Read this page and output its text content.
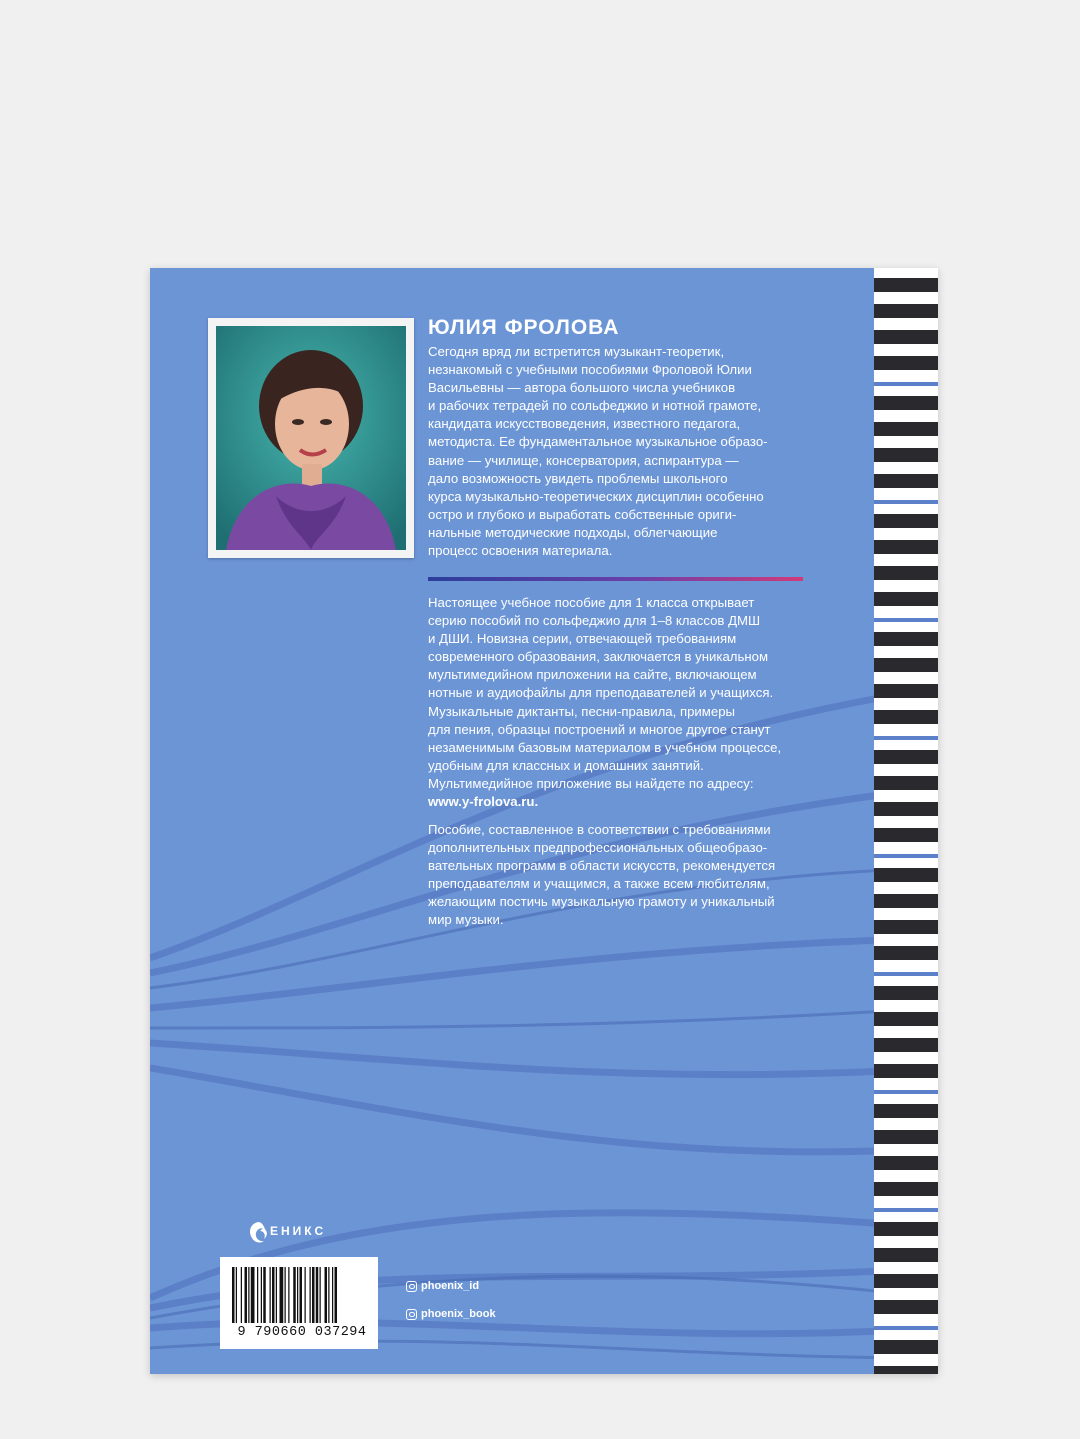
ЮЛИЯ ФРОЛОВА
Сегодня вряд ли встретится музыкант-теоретик,
незнакомый с учебными пособиями Фроловой Юлии
Васильевны — автора большого числа учебников
и рабочих тетрадей по сольфеджио и нотной грамоте,
кандидата искусствоведения, известного педагога,
методиста. Ее фундаментальное музыкальное образо-
вание — училище, консерватория, аспирантура —
дало возможность увидеть проблемы школьного
курса музыкально-теоретических дисциплин особенно
остро и глубоко и выработать собственные ориги-
нальные методические подходы, облегчающие
процесс освоения материала.
Настоящее учебное пособие для 1 класса открывает
серию пособий по сольфеджио для 1–8 классов ДМШ
и ДШИ. Новизна серии, отвечающей требованиям
современного образования, заключается в уникальном
мультимедийном приложении на сайте, включающем
нотные и аудиофайлы для преподавателей и учащихся.
Музыкальные диктанты, песни-правила, примеры
для пения, образцы построений и многое другое станут
незаменимым базовым материалом в учебном процессе,
удобным для классных и домашних занятий.
Мультимедийное приложение вы найдете по адресу:
www.y-frolova.ru.
Пособие, составленное в соответствии с требованиями
дополнительных предпрофессиональных общеобразо-
вательных программ в области искусств, рекомендуется
преподавателям и учащимся, а также всем любителям,
желающим постичь музыкальную грамоту и уникальный
мир музыки.
ЕНИКС
9 790660 037294
phoenix_id
phoenix_book
